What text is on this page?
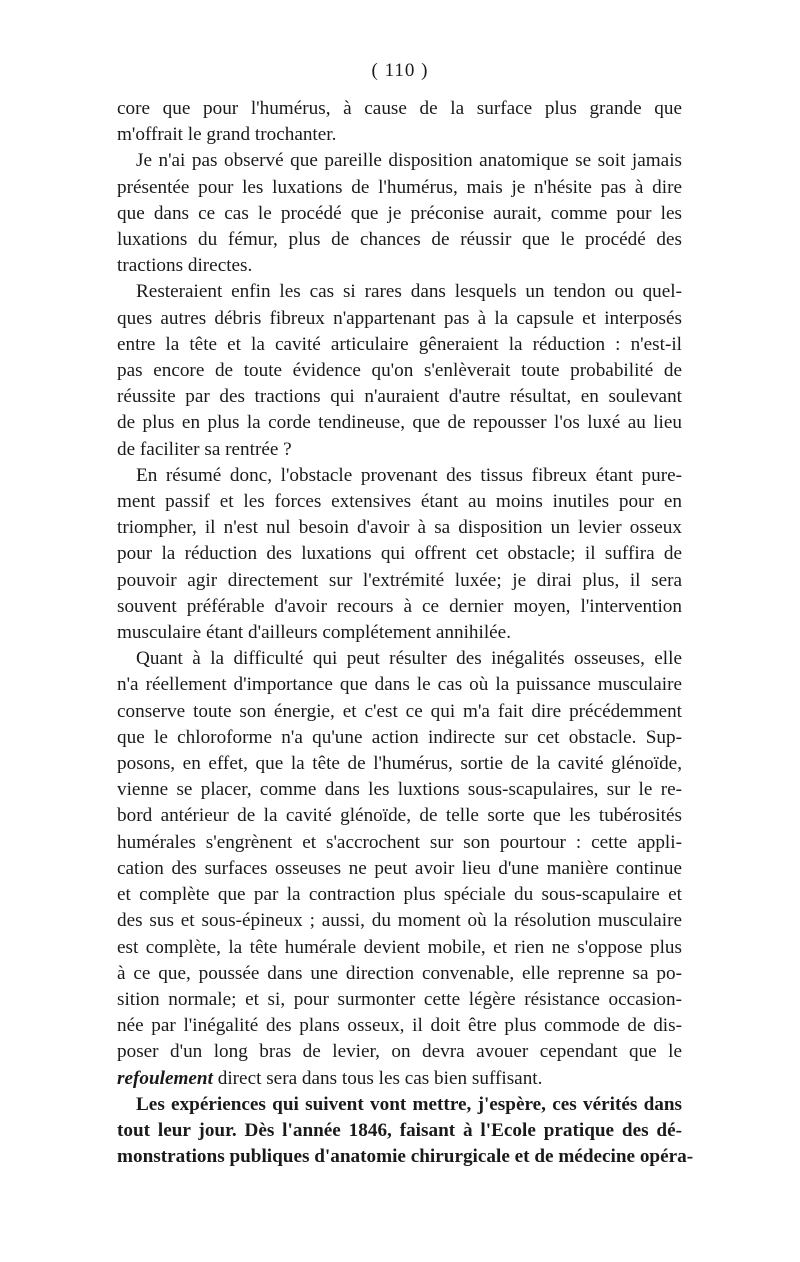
( 110 )
core que pour l'humérus, à cause de la surface plus grande que
m'offrait le grand trochanter.
Je n'ai pas observé que pareille disposition anatomique se soit jamais
présentée pour les luxations de l'humérus, mais je n'hésite pas à dire
que dans ce cas le procédé que je préconise aurait, comme pour les
luxations du fémur, plus de chances de réussir que le procédé des
tractions directes.
Resteraient enfin les cas si rares dans lesquels un tendon ou quel-
ques autres débris fibreux n'appartenant pas à la capsule et interposés
entre la tête et la cavité articulaire gêneraient la réduction : n'est-il
pas encore de toute évidence qu'on s'enlèverait toute probabilité de
réussite par des tractions qui n'auraient d'autre résultat, en soulevant
de plus en plus la corde tendineuse, que de repousser l'os luxé au lieu
de faciliter sa rentrée ?
En résumé donc, l'obstacle provenant des tissus fibreux étant pure-
ment passif et les forces extensives étant au moins inutiles pour en
triompher, il n'est nul besoin d'avoir à sa disposition un levier osseux
pour la réduction des luxations qui offrent cet obstacle; il suffira de
pouvoir agir directement sur l'extrémité luxée; je dirai plus, il sera
souvent préférable d'avoir recours à ce dernier moyen, l'intervention
musculaire étant d'ailleurs complétement annihilée.
Quant à la difficulté qui peut résulter des inégalités osseuses, elle
n'a réellement d'importance que dans le cas où la puissance musculaire
conserve toute son énergie, et c'est ce qui m'a fait dire précédemment
que le chloroforme n'a qu'une action indirecte sur cet obstacle. Sup-
posons, en effet, que la tête de l'humérus, sortie de la cavité glénoïde,
vienne se placer, comme dans les luxtions sous-scapulaires, sur le re-
bord antérieur de la cavité glénoïde, de telle sorte que les tubérosités
humérales s'engrènent et s'accrochent sur son pourtour : cette appli-
cation des surfaces osseuses ne peut avoir lieu d'une manière continue
et complète que par la contraction plus spéciale du sous-scapulaire et
des sus et sous-épineux ; aussi, du moment où la résolution musculaire
est complète, la tête humérale devient mobile, et rien ne s'oppose plus
à ce que, poussée dans une direction convenable, elle reprenne sa po-
sition normale; et si, pour surmonter cette légère résistance occasion-
née par l'inégalité des plans osseux, il doit être plus commode de dis-
poser d'un long bras de levier, on devra avouer cependant que le
refoulement direct sera dans tous les cas bien suffisant.
Les expériences qui suivent vont mettre, j'espère, ces vérités dans
tout leur jour. Dès l'année 1846, faisant à l'Ecole pratique des dé-
monstrations publiques d'anatomie chirurgicale et de médecine opéra-
